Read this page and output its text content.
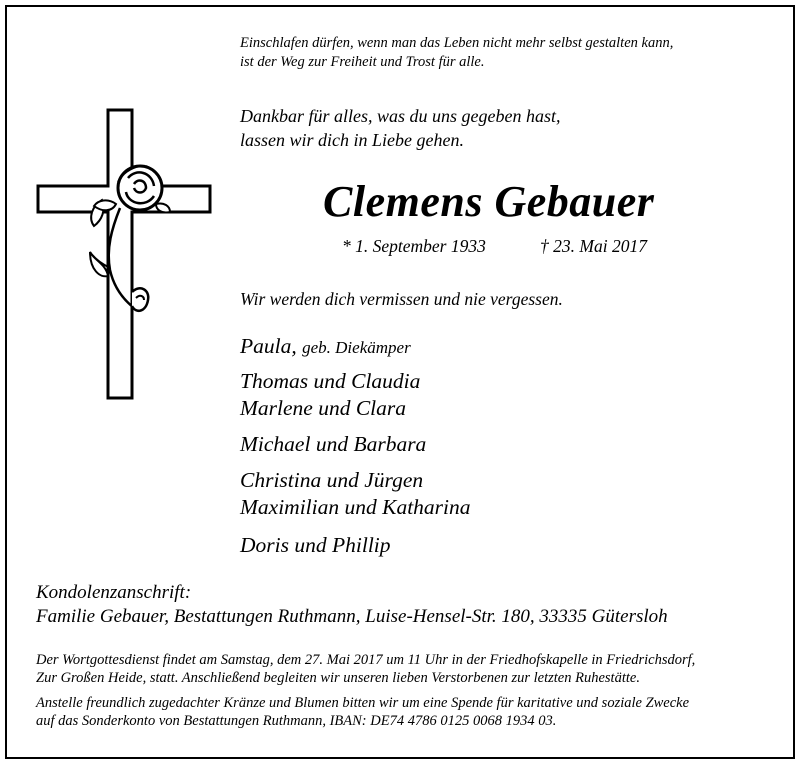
Einschlafen dürfen, wenn man das Leben nicht mehr selbst gestalten kann,
ist der Weg zur Freiheit und Trost für alle.
Dankbar für alles, was du uns gegeben hast,
lassen wir dich in Liebe gehen.
Clemens Gebauer
* 1. September 1933	† 23. Mai 2017
Wir werden dich vermissen und nie vergessen.
Paula, geb. Diekämper
Thomas und Claudia
Marlene und Clara
Michael und Barbara
Christina und Jürgen
Maximilian und Katharina
Doris und Phillip
Kondolenzanschrift:
Familie Gebauer, Bestattungen Ruthmann, Luise-Hensel-Str. 180, 33335 Gütersloh
Der Wortgottesdienst findet am Samstag, dem 27. Mai 2017 um 11 Uhr in der Friedhofskapelle in Friedrichsdorf,
Zur Großen Heide, statt. Anschließend begleiten wir unseren lieben Verstorbenen zur letzten Ruhestätte.
Anstelle freundlich zugedachter Kränze und Blumen bitten wir um eine Spende für karitative und soziale Zwecke
auf das Sonderkonto von Bestattungen Ruthmann, IBAN: DE74 4786 0125 0068 1934 03.
